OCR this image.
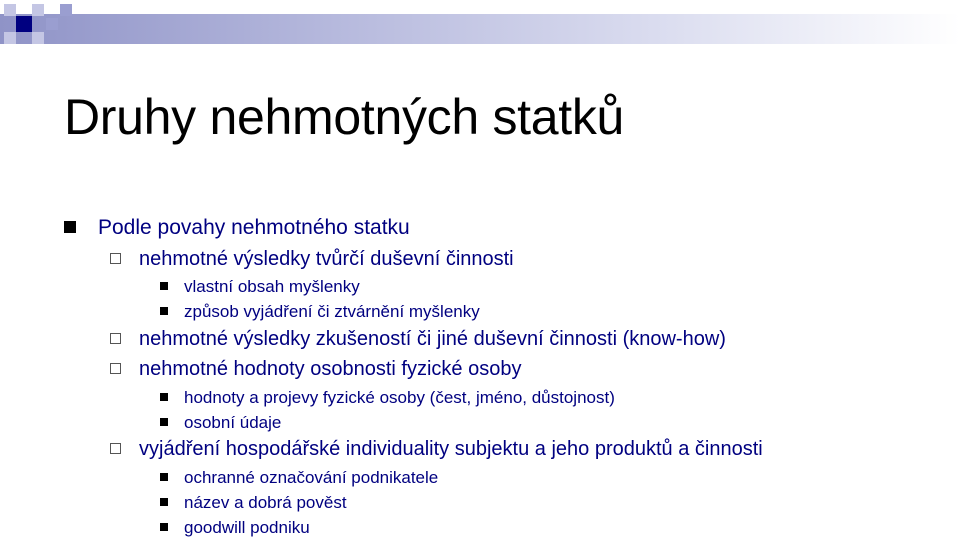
Druhy nehmotných statků
Podle povahy nehmotného statku
nehmotné výsledky tvůrčí duševní činnosti
vlastní obsah myšlenky
způsob vyjádření či ztvárnění myšlenky
nehmotné výsledky zkušeností či jiné duševní činnosti (know-how)
nehmotné hodnoty osobnosti fyzické osoby
hodnoty a projevy fyzické osoby (čest, jméno, důstojnost)
osobní údaje
vyjádření hospodářské individuality subjektu a jeho produktů a činnosti
ochranné označování podnikatele
název a dobrá pověst
goodwill podniku
